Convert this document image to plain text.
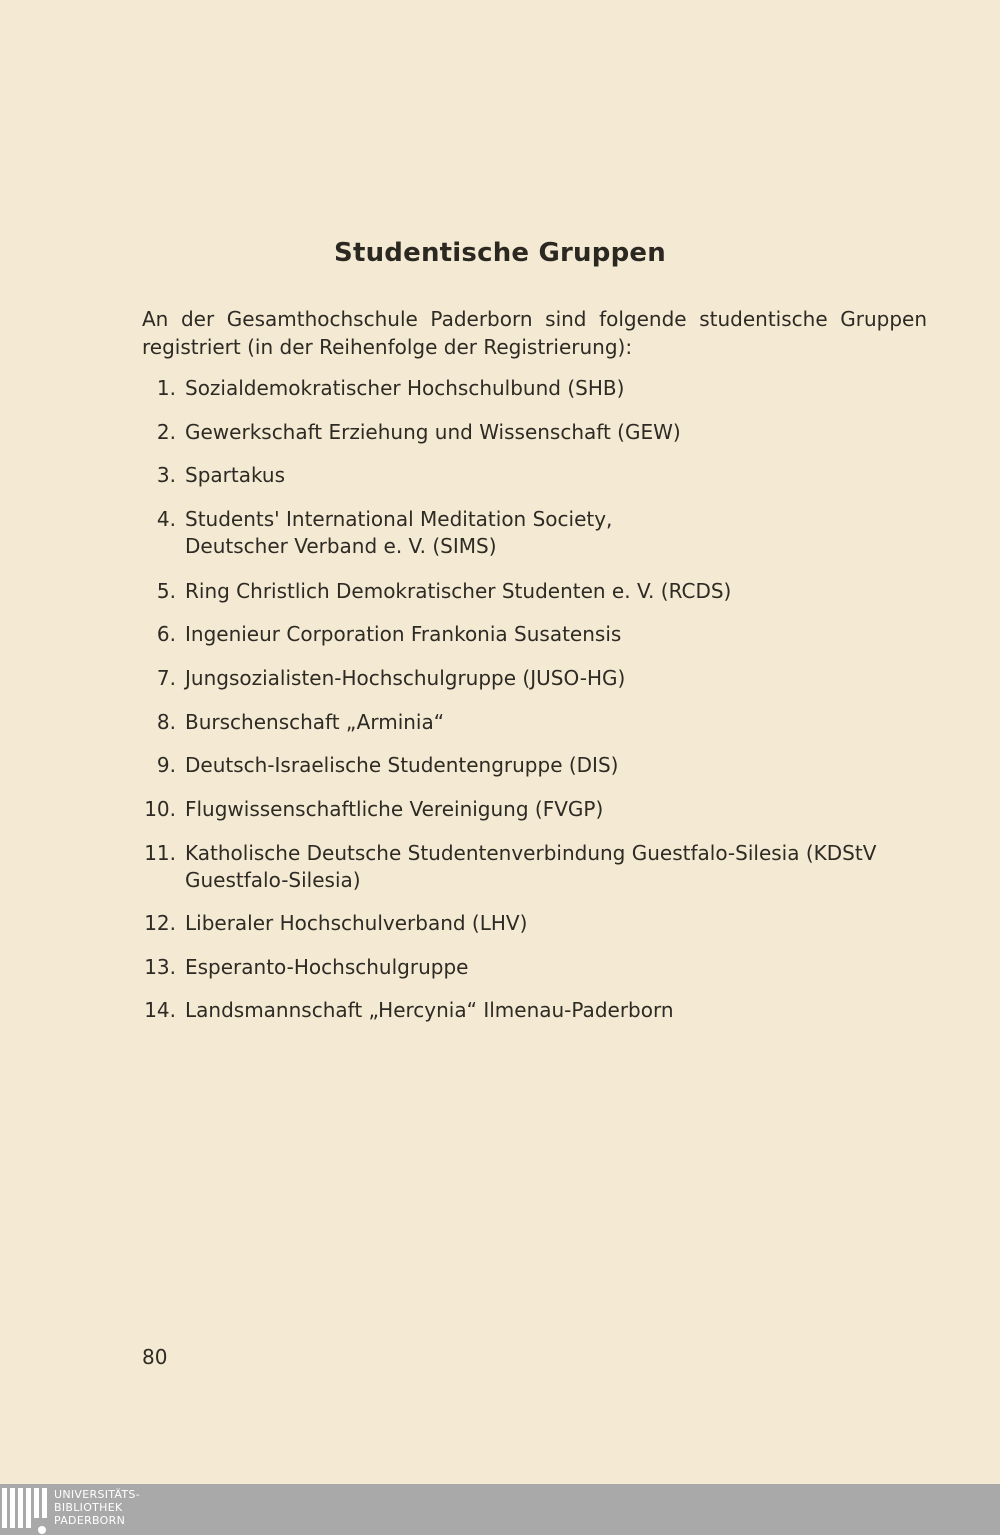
Studentische Gruppen
An der Gesamthochschule Paderborn sind folgende studentische Gruppen registriert (in der Reihenfolge der Registrierung):
1. Sozialdemokratischer Hochschulbund (SHB)
2. Gewerkschaft Erziehung und Wissenschaft (GEW)
3. Spartakus
4. Students' International Meditation Society, Deutscher Verband e. V. (SIMS)
5. Ring Christlich Demokratischer Studenten e. V. (RCDS)
6. Ingenieur Corporation Frankonia Susatensis
7. Jungsozialisten-Hochschulgruppe (JUSO-HG)
8. Burschenschaft „Arminia“
9. Deutsch-Israelische Studentengruppe (DIS)
10. Flugwissenschaftliche Vereinigung (FVGP)
11. Katholische Deutsche Studentenverbindung Guestfalo-Silesia (KDStV Guestfalo-Silesia)
12. Liberaler Hochschulverband (LHV)
13. Esperanto-Hochschulgruppe
14. Landsmannschaft „Hercynia“ Ilmenau-Paderborn
80
UNIVERSITÄTS-
BIBLIOTHEK
PADERBORN
